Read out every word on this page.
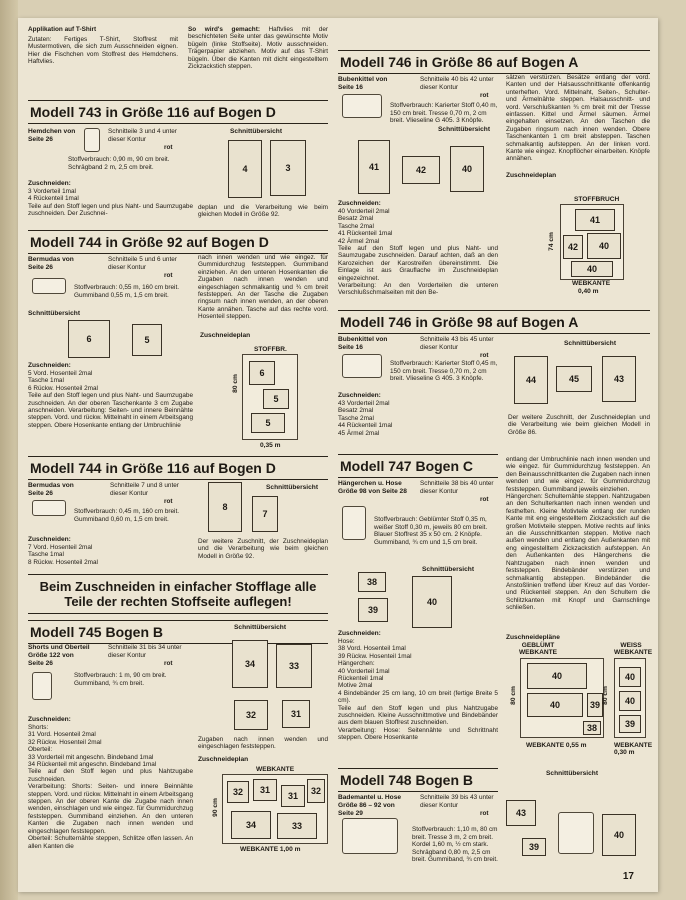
Applikation auf T-Shirt
Zutaten: Fertiges T-Shirt, Stoffrest mit Mustermotiven, die sich zum Ausschneiden eignen. Hier die Fischchen vom Stoffrest des Hemdchens. Haftvlies.
So wird's gemacht: Haftvlies mit der beschichteten Seite unter das gewünschte Motiv bügeln (linke Stoffseite). Motiv ausschneiden. Trägerpapier abziehen. Motiv auf das T-Shirt bügeln. Über die Kanten mit dicht eingestelltem Zickzackstich steppen.
Modell 743 in Größe 116 auf Bogen D
Hemdchen von Seite 26
Schnitteile 3 und 4 unter dieser Kontur
rot
Stoffverbrauch: 0,90 m, 90 cm breit. Schrägband 2 m, 2,5 cm breit.
Zuschneiden:
3 Vorderteil 1mal
4 Rückenteil 1mal
Teile auf den Stoff legen und plus Naht- und Saumzugabe zuschneiden. Der Zuschnei-
Schnittübersicht
4	3
deplan und die Verarbeitung wie beim gleichen Modell in Größe 92.
Modell 744 in Größe 92 auf Bogen D
Bermudas von Seite 26
Schnitteile 5 und 6 unter dieser Kontur
rot
Stoffverbrauch: 0,55 m, 160 cm breit. Gummiband 0,55 m, 1,5 cm breit.
Schnittübersicht
6	5
Zuschneiden:
5 Vord. Hosenteil 2mal
Tasche 1mal
6 Rückw. Hosenteil 2mal
Teile auf den Stoff legen und plus Naht- und Saumzugabe zuschneiden. An der oberen Taschenkante 3 cm Zugabe anschneiden. Verarbeitung: Seiten- und innere Beinnähte steppen. Vord. und rückw. Mittelnaht in einem Arbeitsgang steppen. Obere Hosenkante entlang der Umbruchlinie
nach innen wenden und wie eingez. für Gummidurchzug feststeppen. Gummiband einziehen. An den unteren Hosenkanten die Zugaben nach innen wenden und eingeschlagen schmalkantig und ¾ cm breit feststeppen. An der Tasche die Zugaben ringsum nach innen wenden, an der oberen Kante annähen. Tasche auf das rechte vord. Hosenteil steppen.
Zuschneideplan
STOFFBR.
6
5
5
80 cm
0,35 m
Modell 744 in Größe 116 auf Bogen D
Bermudas von Seite 26
Schnitteile 7 und 8 unter dieser Kontur
rot
Stoffverbrauch: 0,45 m, 160 cm breit. Gummiband 0,60 m, 1,5 cm breit.
Zuschneiden:
7 Vord. Hosenteil 2mal
Tasche 1mal
8 Rückw. Hosenteil 2mal
Schnittübersicht
8
7
Der weitere Zuschnitt, der Zuschneideplan und die Verarbeitung wie beim gleichen Modell in Größe 92.
Beim Zuschneiden in einfacher Stofflage alle
Teile der rechten Stoffseite auflegen!
Modell 745 Bogen B
Shorts und Oberteil Größe 122 von Seite 26
Schnitteile 31 bis 34 unter dieser Kontur
rot
Stoffverbrauch: 1 m, 90 cm breit. Gummiband, ¾ cm breit.
Zuschneiden:
Shorts:
31 Vord. Hosenteil 2mal
32 Rückw. Hosenteil 2mal
Oberteil:
33 Vorderteil mit angeschn. Bindeband 1mal
34 Rückenteil mit angeschn. Bindeband 1mal
Teile auf den Stoff legen und plus Nahtzugabe zuschneiden.
Verarbeitung: Shorts: Seiten- und innere Beinnähte steppen. Vord. und rückw. Mittelnaht in einem Arbeitsgang steppen. An der oberen Kante die Zugabe nach innen wenden, einschlagen und wie eingez. für Gummidurchzug feststeppen. Gummiband einziehen. An den unteren Kanten die Zugaben nach innen wenden und eingeschlagen feststeppen.
Oberteil: Schulternähte steppen, Schlitze offen lassen. An allen Kanten die
Schnittübersicht
34	33
32	31
Zugaben nach innen wenden und eingeschlagen feststeppen.
Zuschneideplan
WEBKANTE
32	31
31	32
34	33
90 cm
WEBKANTE 1,00 m
Modell 746 in Größe 86 auf Bogen A
Bubenkittel von Seite 16
Schnitteile 40 bis 42 unter dieser Kontur
rot
Stoffverbrauch: Karierter Stoff 0,40 m, 150 cm breit. Tresse 0,70 m, 2 cm breit. Vlieseline G 405. 3 Knöpfe.
Schnittübersicht
41	42	40
Zuschneiden:
40 Vorderteil 2mal
Besatz 2mal
Tasche 2mal
41 Rückenteil 1mal
42 Ärmel 2mal
Teile auf den Stoff legen und plus Naht- und Saumzugabe zuschneiden. Darauf achten, daß an den Karozeichen der Karostreifen übereinstimmt. Die Einlage ist aus Grauflache im Zuschneideplan eingezeichnet.
Verarbeitung: An den Vorderteilen die unteren Verschlußschmalseiten mit den Be-
sätzen verstürzen. Besätze entlang der vord. Kanten und der Halsausschnittkante offenkantig unterheften. Vord. Mittelnaht, Seiten-, Schulter- und Ärmelnähte steppen. Halsausschnitt- und vord. Verschlußkanten ¾ cm breit mit der Tresse einfassen. Kittel und Ärmel säumen. Ärmel eingehalten einsetzen. An den Taschen die Zugaben ringsum nach innen wenden. Obere Taschenkanten 1 cm breit absteppen. Taschen schmalkantig aufsteppen. An der linken vord. Kante wie eingez. Knopflöcher einarbeiten. Knöpfe annähen.
Zuschneideplan
STOFFBRUCH
41
42	40
40
74 cm
WEBKANTE
0,40 m
Modell 746 in Größe 98 auf Bogen A
Bubenkittel von Seite 16
Schnitteile 43 bis 45 unter dieser Kontur
rot
Stoffverbrauch: Karierter Stoff 0,45 m, 150 cm breit. Tresse 0,70 m, 2 cm breit. Vlieseline G 405. 3 Knöpfe.
Zuschneiden:
43 Vorderteil 2mal
Besatz 2mal
Tasche 2mal
44 Rückenteil 1mal
45 Ärmel 2mal
Schnittübersicht
44	45	43
Der weitere Zuschnitt, der Zuschneideplan und die Verarbeitung wie beim gleichen Modell in Größe 86.
Modell 747 Bogen C
Hängerchen u. Hose Größe 98 von Seite 28
Schnitteile 38 bis 40 unter dieser Kontur
rot
Stoffverbrauch: Geblümter Stoff 0,35 m, weißer Stoff 0,30 m, jeweils 80 cm breit. Blauer Stoffrest 35 x 50 cm. 2 Knöpfe. Gummiband, ¾ cm und 1,5 cm breit.
Schnittübersicht
38
39
40
Zuschneiden:
Hose:
38 Vord. Hosenteil 1mal
39 Rückw. Hosenteil 1mal
Hängerchen:
40 Vorderteil 1mal
Rückenteil 1mal
Motive 2mal
4 Bindebänder 25 cm lang, 10 cm breit (fertige Breite 5 cm).
Teile auf den Stoff legen und plus Nahtzugabe zuschneiden. Kleine Ausschnittmotive und Bindebänder aus dem blauen Stoffrest zuschneiden.
Verarbeitung: Hose: Seitennähte und Schrittnaht steppen. Obere Hosenkante
entlang der Umbruchlinie nach innen wenden und wie eingez. für Gummidurchzug feststeppen. An den Beinausschnittkanten die Zugaben nach innen wenden und wie eingez. für Gummidurchzug feststeppen. Gummiband jeweils einziehen.
Hängerchen: Schulternähte steppen. Nahtzugaben an den Schulterkanten nach innen wenden und festheften. Kleine Motivteile entlang der runden Kante mit eng eingestelltem Zickzackstich auf die großen Motivteile steppen. Motive rechts auf links an die Ausschnittkanten steppen. Motive nach außen wenden und entlang den Außenkanten mit eng eingestelltem Zickzackstich aufsteppen. An den Außenkanten des Hängerchens die Nahtzugaben nach innen wenden und feststeppen. Bindebänder verstürzen und schmalkantig absteppen. Bindebänder die Anstoßlinien treffend über Kreuz auf das Vorder- und Rückenteil steppen. An den Schultern die Schlitzkanten mit Knopf und Garnschlinge schließen.
Zuschneidepläne
GEBLÜMT WEBKANTE
WEISS WEBKANTE
40
40
38
39
40
40
39
80 cm	80 cm
WEBKANTE 0,55 m	WEBKANTE 0,30 m
Modell 748 Bogen B
Bademantel u. Hose Größe 86 – 92 von Seite 29
Schnitteile 39 bis 43 unter dieser Kontur
rot
Stoffverbrauch: 1,10 m, 80 cm breit. Tresse 3 m, 2 cm breit. Kordel 1,60 m, ½ cm stark. Schrägband 0,80 m, 2,5 cm breit. Gummiband, ¾ cm breit.
Schnittübersicht
43
39
40
17
